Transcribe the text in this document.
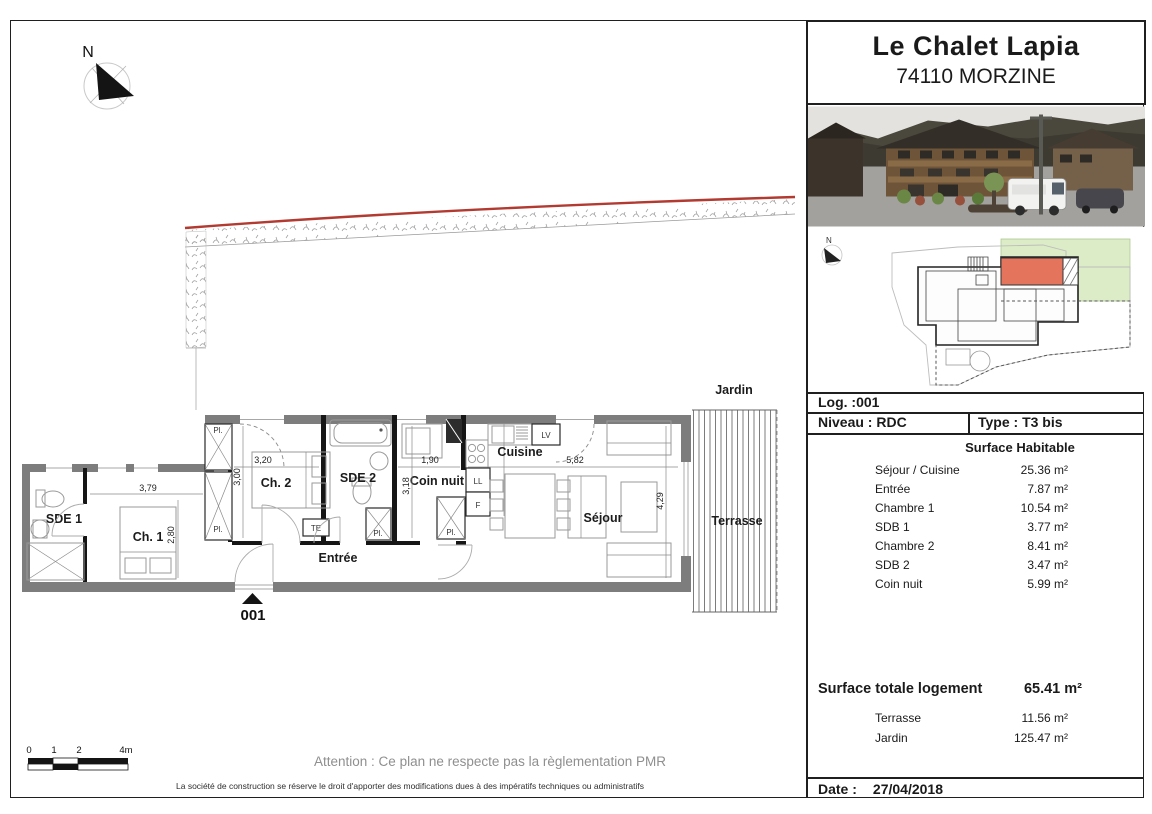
N
Jardin
Terrasse
Pl.
Pl.
SDE 1
Ch. 1
Ch. 2
TE
SDE 2
Pl.
Coin nuit
Pl.
LV
LL
F
Cuisine
Séjour
Entrée
001
3,79
2,80
3,20
3,00
1,90
3,18
5,82
4,29
0 1 2	4m
Attention : Ce plan ne respecte pas la règlementation PMR
La société de construction se réserve le droit d'apporter des modifications dues à des impératifs techniques ou administratifs
Le Chalet Lapia
74110 MORZINE
N
Log. :001
Niveau : RDC	Type : T3 bis
Surface Habitable
Séjour / Cuisine	25.36 m²
Entrée	7.87 m²
Chambre 1	10.54 m²
SDB 1	3.77 m²
Chambre 2	8.41 m²
SDB 2	3.47 m²
Coin nuit	5.99 m²
Surface totale logement	65.41 m²
Terrasse	11.56 m²
Jardin	125.47 m²
Date : 27/04/2018
